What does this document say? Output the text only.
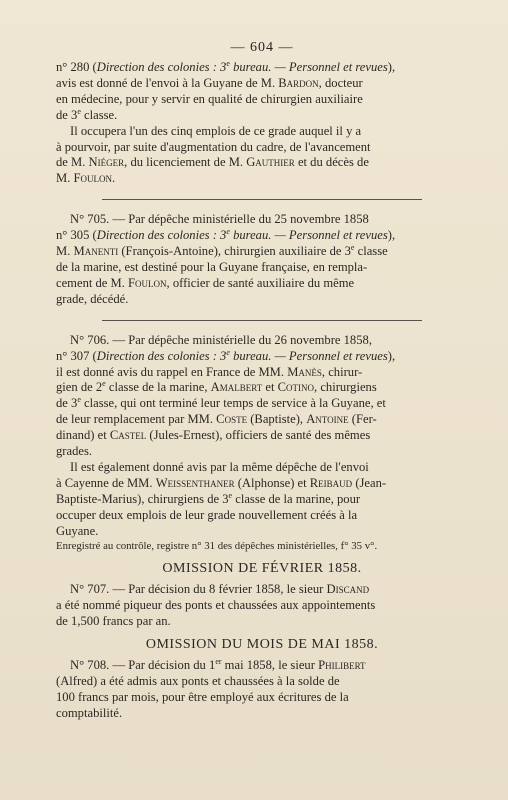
— 604 —
n° 280 (Direction des colonies : 3e bureau. — Personnel et revues),
avis est donné de l'envoi à la Guyane de M. Bardon, docteur
en médecine, pour y servir en qualité de chirurgien auxiliaire
de 3e classe.
Il occupera l'un des cinq emplois de ce grade auquel il y a
à pourvoir, par suite d'augmentation du cadre, de l'avancement
de M. Niéger, du licenciement de M. Gauthier et du décès de
M. Foulon.
N° 705. — Par dépêche ministérielle du 25 novembre 1858
n° 305 (Direction des colonies : 3e bureau. — Personnel et revues),
M. Manenti (François-Antoine), chirurgien auxiliaire de 3e classe
de la marine, est destiné pour la Guyane française, en rempla-
cement de M. Foulon, officier de santé auxiliaire du même
grade, décédé.
N° 706. — Par dépêche ministérielle du 26 novembre 1858,
n° 307 (Direction des colonies : 3e bureau. — Personnel et revues),
il est donné avis du rappel en France de MM. Manès, chirur-
gien de 2e classe de la marine, Amalbert et Cotino, chirurgiens
de 3e classe, qui ont terminé leur temps de service à la Guyane, et
de leur remplacement par MM. Coste (Baptiste), Antoine (Fer-
dinand) et Castel (Jules-Ernest), officiers de santé des mêmes
grades.
Il est également donné avis par la même dépêche de l'envoi
à Cayenne de MM. Weissenthaner (Alphonse) et Reibaud (Jean-
Baptiste-Marius), chirurgiens de 3e classe de la marine, pour
occuper deux emplois de leur grade nouvellement créés à la
Guyane.
Enregistré au contrôle, registre n° 31 des dépêches ministérielles, f° 35 v°.
OMISSION DE FÉVRIER 1858.
N° 707. — Par décision du 8 février 1858, le sieur Discand
a été nommé piqueur des ponts et chaussées aux appointements
de 1,500 francs par an.
OMISSION DU MOIS DE MAI 1858.
N° 708. — Par décision du 1er mai 1858, le sieur Philibert
(Alfred) a été admis aux ponts et chaussées à la solde de
100 francs par mois, pour être employé aux écritures de la
comptabilité.
